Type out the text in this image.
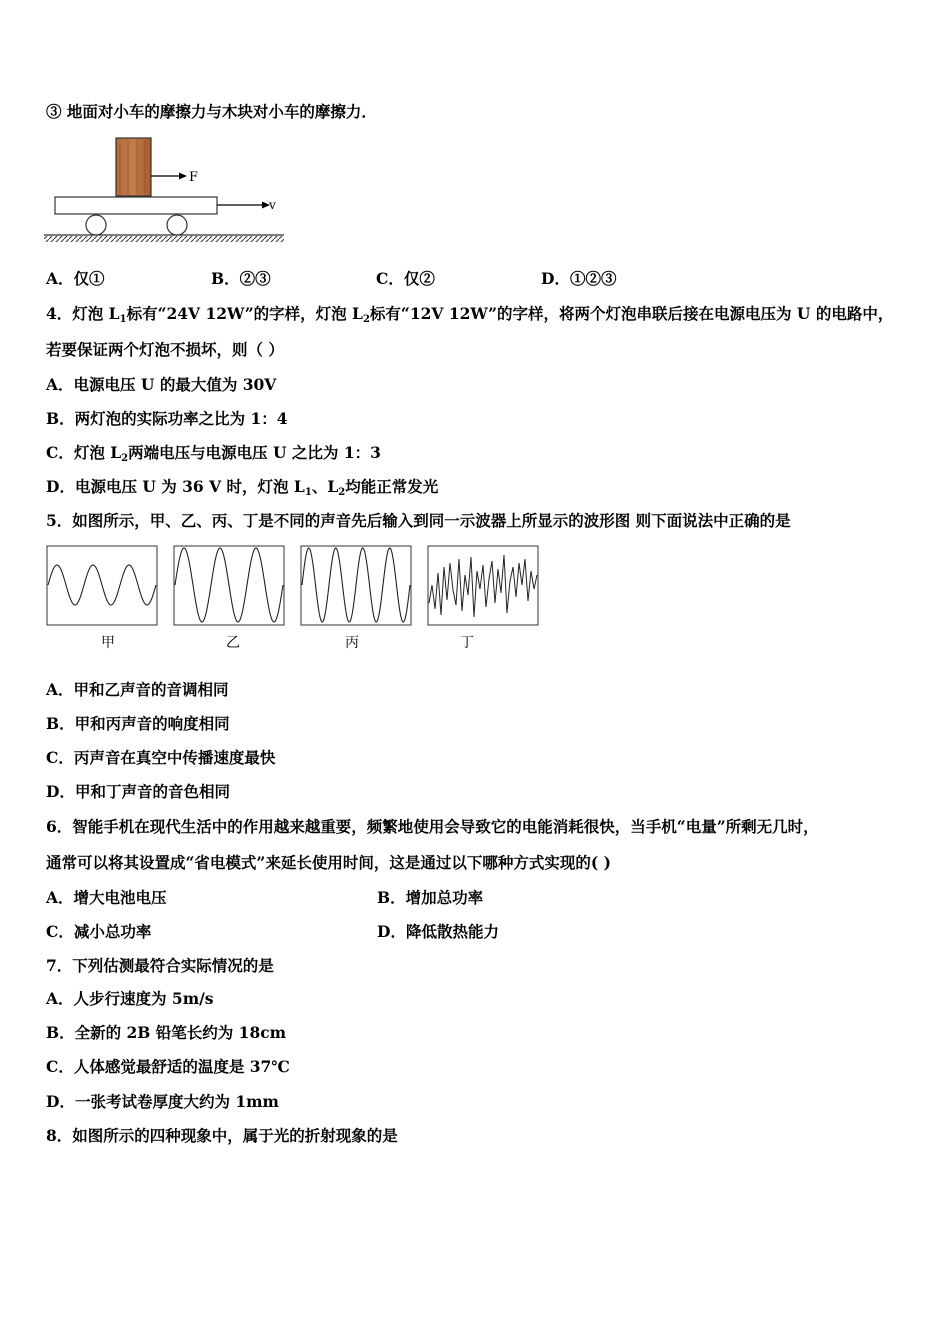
③ 地面对小车的摩擦力与木块对小车的摩擦力．
F
v
A．仅①	B．②③	C．仅②	D．①②③
4．灯泡 $L_1$标有“24V 12W”的字样，灯泡 $L_2$标有“12V 12W”的字样，将两个灯泡串联后接在电源电压为 U 的电路中，
若要保证两个灯泡不损坏，则（ ）
A．电源电压 U 的最大值为 30V
B．两灯泡的实际功率之比为 1：4
C．灯泡 $L_2$两端电压与电源电压 U 之比为 1：3
D．电源电压 U 为 36 V 时，灯泡 $L_1$、$L_2$均能正常发光
5．如图所示，甲、乙、丙、丁是不同的声音先后输入到同一示波器上所显示的波形图 则下面说法中正确的是
甲	乙	丙	丁
A．甲和乙声音的音调相同
B．甲和丙声音的响度相同
C．丙声音在真空中传播速度最快
D．甲和丁声音的音色相同
6．智能手机在现代生活中的作用越来越重要，频繁地使用会导致它的电能消耗很快，当手机“电量”所剩无几时，
通常可以将其设置成“省电模式”来延长使用时间，这是通过以下哪种方式实现的( )
A．增大电池电压	B．增加总功率
C．减小总功率	D．降低散热能力
7．下列估测最符合实际情况的是
A．人步行速度为 5m/s
B．全新的 2B 铅笔长约为 18cm
C．人体感觉最舒适的温度是 37℃
D．一张考试卷厚度大约为 1mm
8．如图所示的四种现象中，属于光的折射现象的是
